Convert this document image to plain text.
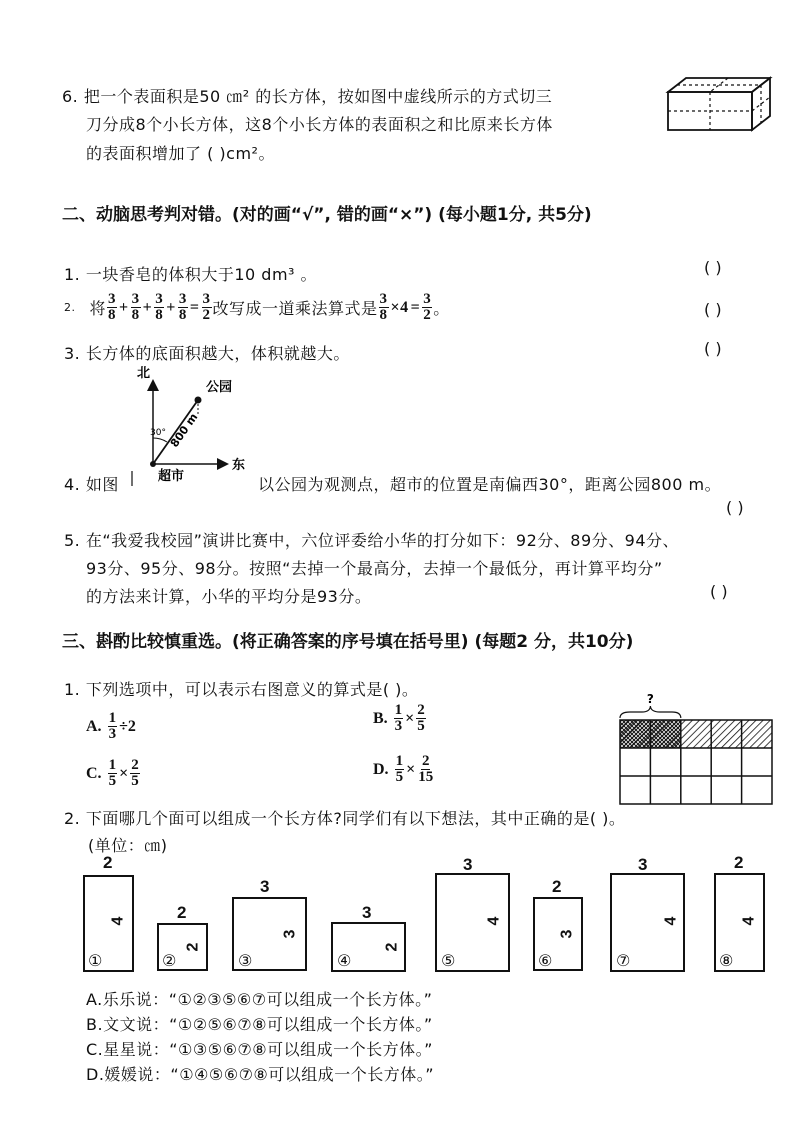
6. 把一个表面积是50 ㎝² 的长方体，按如图中虚线所示的方式切三
刀分成8个小长方体，这8个小长方体的表面积之和比原来长方体
的表面积增加了 ( )cm²。
二、动脑思考判对错。(对的画“√”, 错的画“×”) (每小题1分, 共5分)
1. 一块香皂的体积大于10 dm³ 。	( )
2. 将 $\frac{3}{8} + \frac{3}{8} + \frac{3}{8} + \frac{3}{8} = \frac{3}{2}$ 改写成一道乘法算式是 $\frac{3}{8} \times 4 = \frac{3}{2}$ 。	( )
3. 长方体的底面积越大，体积就越大。	( )
北
公园
800 m
30°
东
超市
4. 如图	以公园为观测点，超市的位置是南偏西30°，距离公园800 m。
( )
5. 在“我爱我校园”演讲比赛中，六位评委给小华的打分如下：92分、89分、94分、
93分、95分、98分。按照“去掉一个最高分，去掉一个最低分，再计算平均分”
的方法来计算，小华的平均分是93分。	( )
三、斟酌比较慎重选。(将正确答案的序号填在括号里) (每题2 分，共10分)
1. 下列选项中，可以表示右图意义的算式是( )。
A. $\frac{1}{3} \div 2$	B. $\frac{1}{3} \times \frac{2}{5}$
C. $\frac{1}{5} \times \frac{2}{5}$	D. $\frac{1}{5} \times \frac{2}{15}$
?
2. 下面哪几个面可以组成一个长方体?同学们有以下想法，其中正确的是( )。
(单位：㎝)
2
4
①
2
2
②
3
3
③
3
2
④
3
4
⑤
2
3
⑥
3
4
⑦
2
4
⑧
A.乐乐说：“①②③⑤⑥⑦可以组成一个长方体。”
B.文文说：“①②⑤⑥⑦⑧可以组成一个长方体。”
C.星星说：“①③⑤⑥⑦⑧可以组成一个长方体。”
D.媛媛说：“①④⑤⑥⑦⑧可以组成一个长方体。”
